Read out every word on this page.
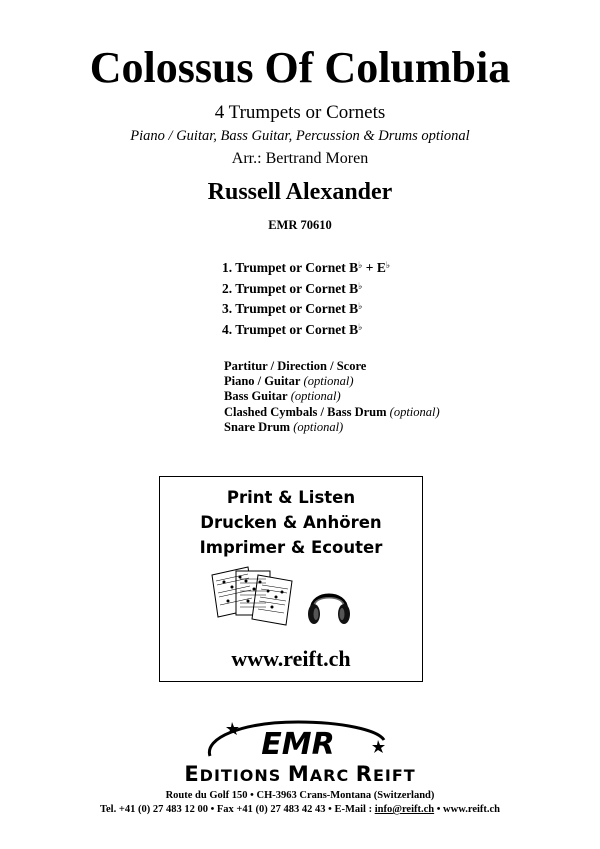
Colossus Of Columbia
4 Trumpets or Cornets
Piano / Guitar, Bass Guitar, Percussion & Drums optional
Arr.: Bertrand Moren
Russell Alexander
EMR 70610
1. Trumpet or Cornet B♭ + E♭
2. Trumpet or Cornet B♭
3. Trumpet or Cornet B♭
4. Trumpet or Cornet B♭
Partitur / Direction / Score
Piano / Guitar (optional)
Bass Guitar (optional)
Clashed Cymbals / Bass Drum (optional)
Snare Drum (optional)
Print & Listen
Drucken & Anhören
Imprimer & Ecouter
www.reift.ch
EMR
EDITIONS MARC REIFT
Route du Golf 150 • CH-3963 Crans-Montana (Switzerland)
Tel. +41 (0) 27 483 12 00 • Fax +41 (0) 27 483 42 43 • E-Mail : info@reift.ch • www.reift.ch
